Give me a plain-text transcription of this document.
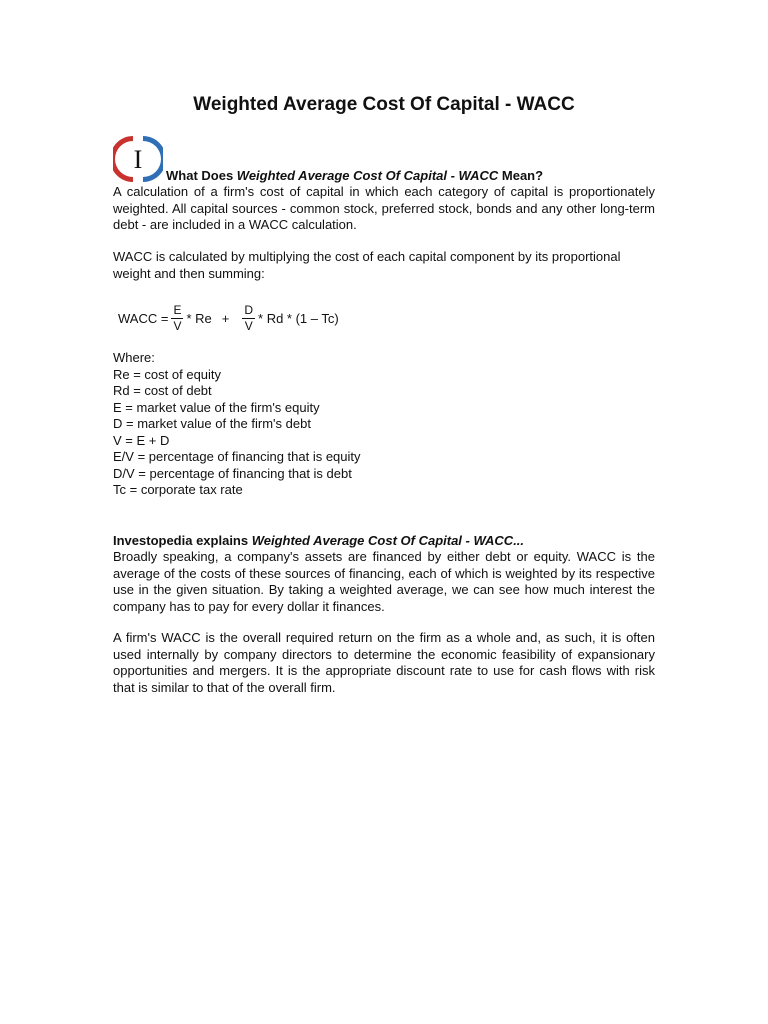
Weighted Average Cost Of Capital - WACC
I
What Does Weighted Average Cost Of Capital - WACC Mean?

A calculation of a firm's cost of capital in which each category of capital is proportionately weighted. All capital sources - common stock, preferred stock, bonds and any other long-term debt - are included in a WACC calculation.

WACC is calculated by multiplying the cost of each capital component by its proportional weight and then summing:

WACC = $\frac{E}{V} * Re + \frac{D}{V} * Rd * (1 - Tc)$
Where:
Re = cost of equity
Rd = cost of debt
E = market value of the firm's equity
D = market value of the firm's debt
V = E + D
E/V = percentage of financing that is equity
D/V = percentage of financing that is debt
Tc = corporate tax rate
Investopedia explains Weighted Average Cost Of Capital - WACC...

Broadly speaking, a company's assets are financed by either debt or equity. WACC is the average of the costs of these sources of financing, each of which is weighted by its respective use in the given situation. By taking a weighted average, we can see how much interest the company has to pay for every dollar it finances.

A firm's WACC is the overall required return on the firm as a whole and, as such, it is often used internally by company directors to determine the economic feasibility of expansionary opportunities and mergers. It is the appropriate discount rate to use for cash flows with risk that is similar to that of the overall firm.
